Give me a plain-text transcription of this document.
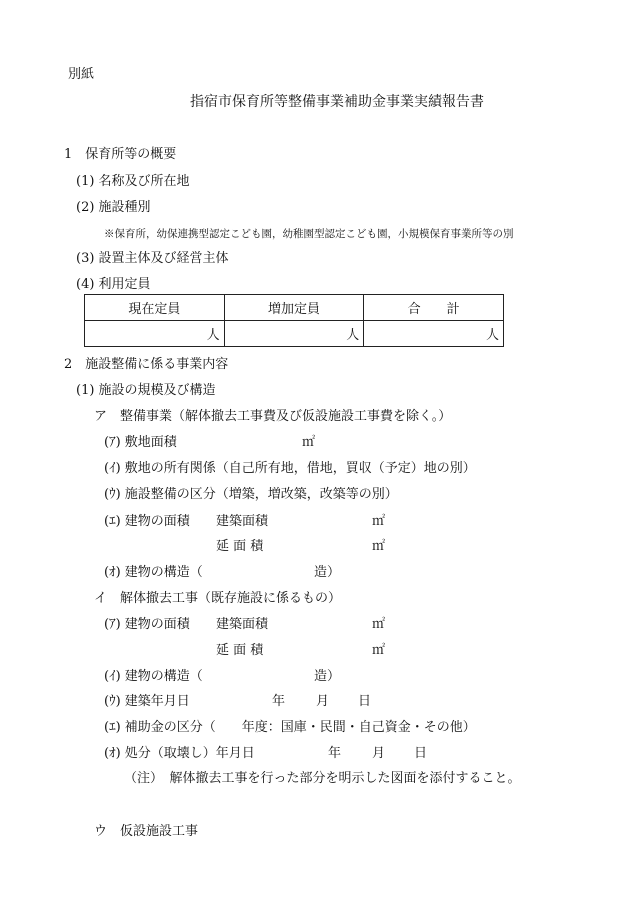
別紙
指宿市保育所等整備事業補助金事業実績報告書
1　保育所等の概要
(1) 名称及び所在地
(2) 施設種別
※保育所，幼保連携型認定こども園，幼稚園型認定こども園，小規模保育事業所等の別
(3) 設置主体及び経営主体
(4) 利用定員
現在定員	増加定員	合　　計
人	人	人
2　施設整備に係る事業内容
(1) 施設の規模及び構造
ア　整備事業（解体撤去工事費及び仮設施設工事費を除く。）
(ｱ) 敷地面積	㎡
(ｲ) 敷地の所有関係（自己所有地，借地，買収（予定）地の別）
(ｳ) 施設整備の区分（増築，増改築，改築等の別）
(ｴ) 建物の面積 建築面積	㎡
延 面 積	㎡
(ｵ) 建物の構造（	造）
イ　解体撤去工事（既存施設に係るもの）
(ｱ) 建物の面積 建築面積	㎡
延 面 積	㎡
(ｲ) 建物の構造（	造）
(ｳ) 建築年月日	年 月 日
(ｴ) 補助金の区分（　　年度：国庫・民間・自己資金・その他）
(ｵ) 処分（取壊し）年月日	年 月 日
（注）　解体撤去工事を行った部分を明示した図面を添付すること。
ウ　仮設施設工事
